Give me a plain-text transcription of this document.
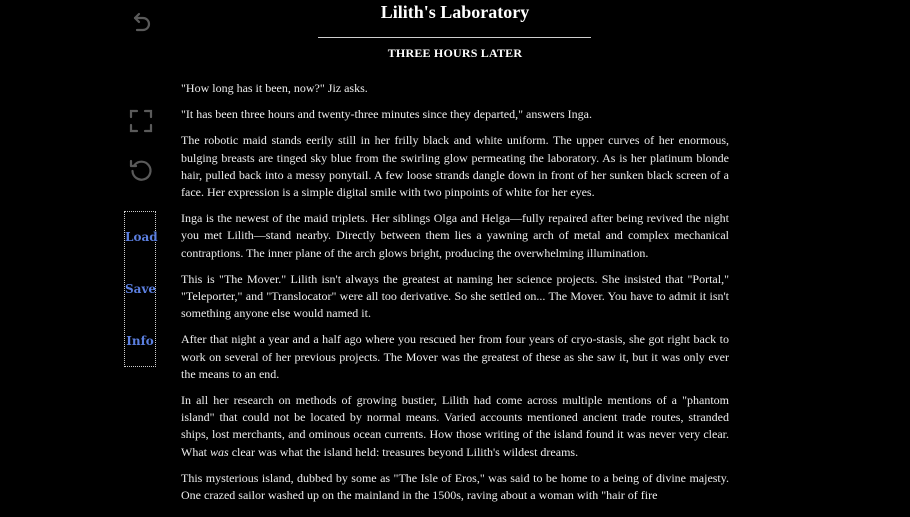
Load
Save
Info
Lilith's Laboratory
THREE HOURS LATER

"How long has it been, now?" Jiz asks.

"It has been three hours and twenty-three minutes since they departed," answers Inga.

The robotic maid stands eerily still in her frilly black and white uniform. The upper curves of her enormous, bulging breasts are tinged sky blue from the swirling glow permeating the laboratory. As is her platinum blonde hair, pulled back into a messy ponytail. A few loose strands dangle down in front of her sunken black screen of a face. Her expression is a simple digital smile with two pinpoints of white for her eyes.

Inga is the newest of the maid triplets. Her siblings Olga and Helga—fully repaired after being revived the night you met Lilith—stand nearby. Directly between them lies a yawning arch of metal and complex mechanical contraptions. The inner plane of the arch glows bright, producing the overwhelming illumination.

This is "The Mover." Lilith isn't always the greatest at naming her science projects. She insisted that "Portal," "Teleporter," and "Translocator" were all too derivative. So she settled on... The Mover. You have to admit it isn't something anyone else would named it.

After that night a year and a half ago where you rescued her from four years of cryo-stasis, she got right back to work on several of her previous projects. The Mover was the greatest of these as she saw it, but it was only ever the means to an end.

In all her research on methods of growing bustier, Lilith had come across multiple mentions of a "phantom island" that could not be located by normal means. Varied accounts mentioned ancient trade routes, stranded ships, lost merchants, and ominous ocean currents. How those writing of the island found it was never very clear. What was clear was what the island held: treasures beyond Lilith's wildest dreams.

This mysterious island, dubbed by some as "The Isle of Eros," was said to be home to a being of divine majesty. One crazed sailor washed up on the mainland in the 1500s, raving about a woman with "hair of fire
